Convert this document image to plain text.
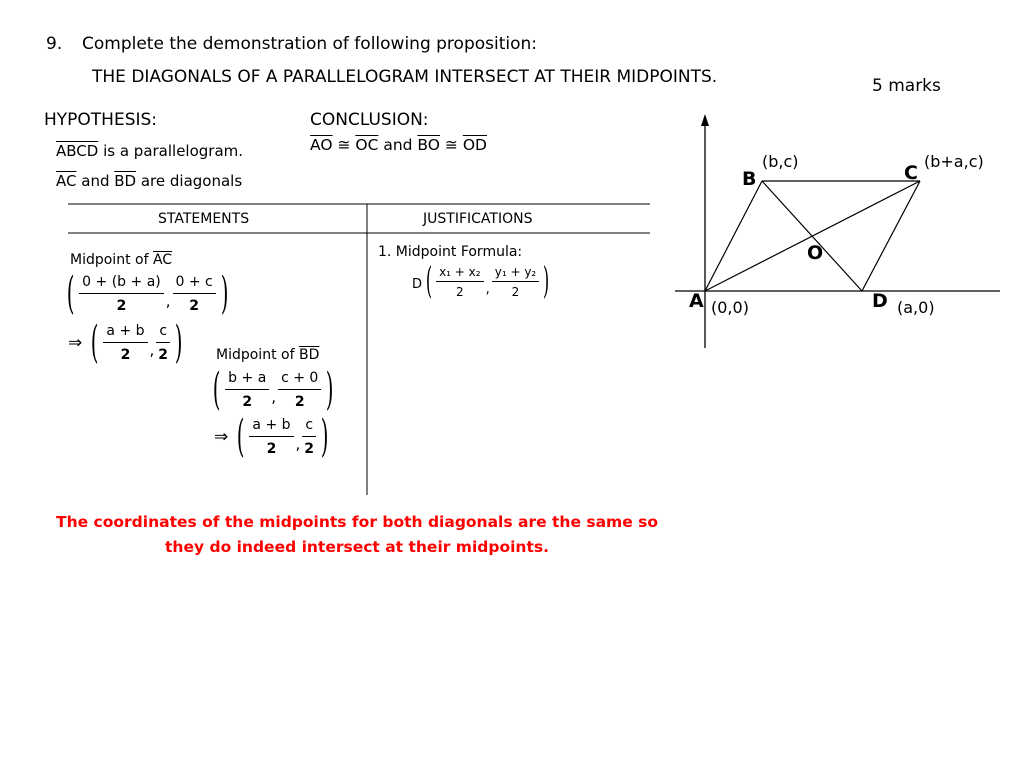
9. Complete the demonstration of following proposition:
THE DIAGONALS OF A PARALLELOGRAM INTERSECT AT THEIR MIDPOINTS.	5 marks
HYPOTHESIS:
ABCD is a parallelogram.
$\overline{AC}$ and $\overline{BD}$ are diagonals
CONCLUSION:
$\overline{AO}$ ≅ $\overline{OC}$ and $\overline{BO}$ ≅ $\overline{OD}$
STATEMENTS	JUSTIFICATIONS
Midpoint of $\overline{AC}$
( $\frac{0 + (b + a)}{2}$ , $\frac{0 + c}{2}$ )
⇒ ( $\frac{a + b}{2}$ , $\frac{c}{2}$ ) Midpoint of $\overline{BD}$
( $\frac{b + a}{2}$ , $\frac{c + 0}{2}$ )
⇒ ( $\frac{a + b}{2}$ , $\frac{c}{2}$ )
1. Midpoint Formula:
D ( $\frac{\text{x₁ + x₂}}{2}$ , $\frac{\text{y₁ + y₂}}{2}$ )
The coordinates of the midpoints for both diagonals are the same so they do indeed intersect at their midpoints.
B
(b,c)
C
(b+a,c)
O
A (0,0)	D (a,0)
